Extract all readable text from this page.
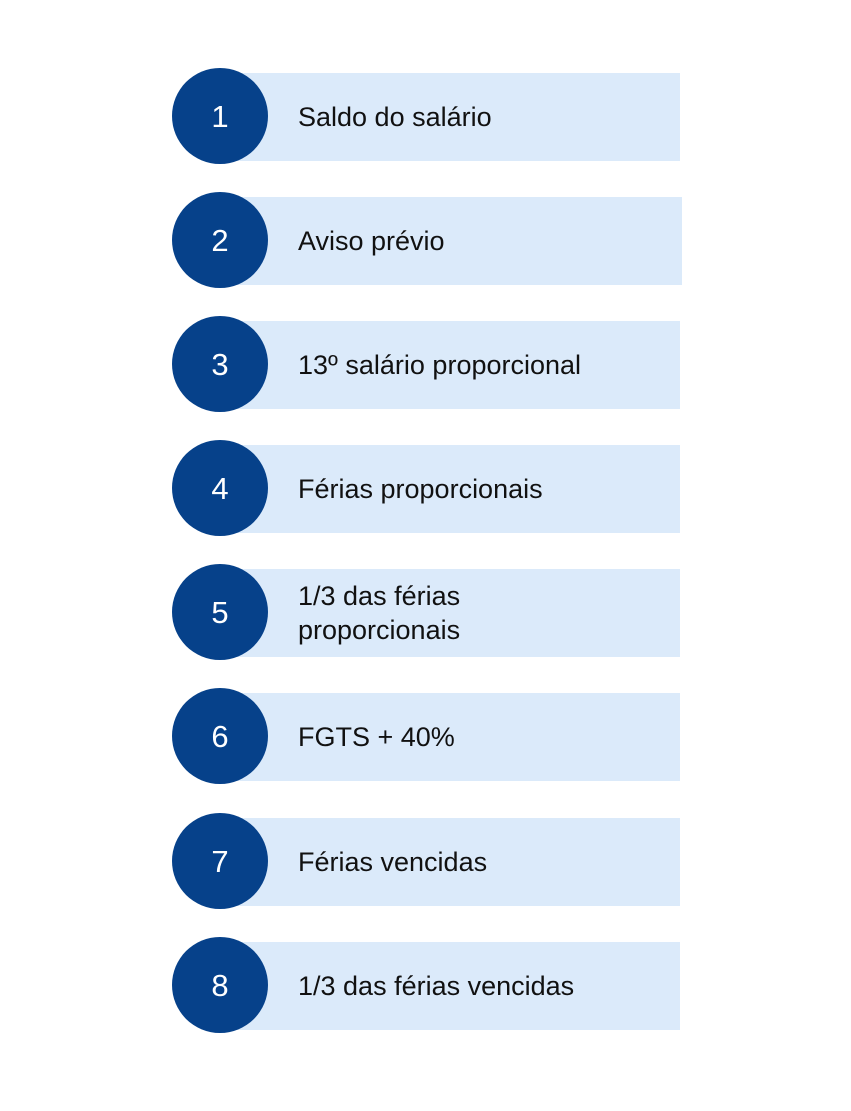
1	Saldo do salário
2	Aviso prévio
3	13º salário proporcional
4	Férias proporcionais
5	1/3 das férias
proporcionais
6	FGTS + 40%
7	Férias vencidas
8	1/3 das férias vencidas
